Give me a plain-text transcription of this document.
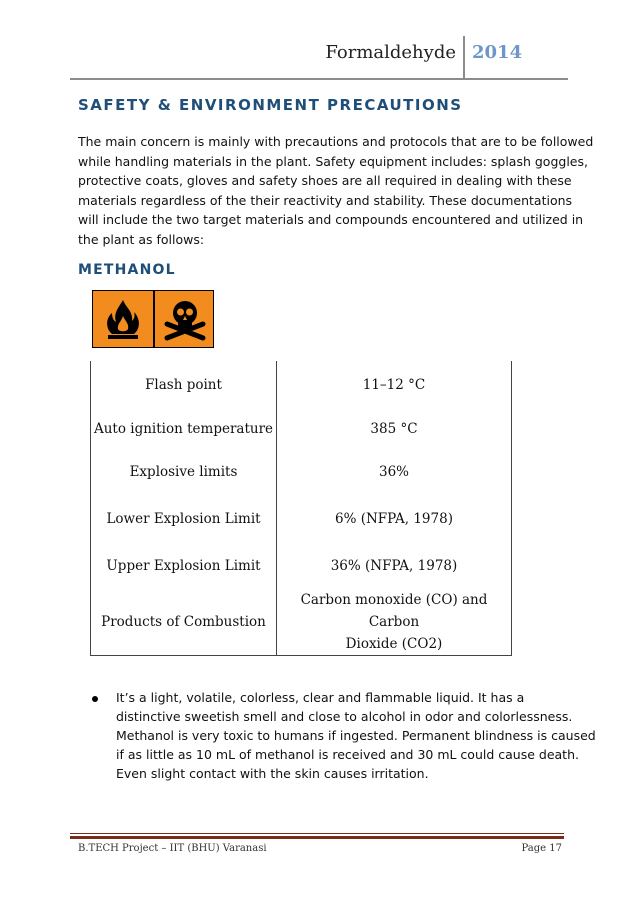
Formaldehyde 2014
SAFETY & ENVIRONMENT PRECAUTIONS
The main concern is mainly with precautions and protocols that are to be followed
while handling materials in the plant. Safety equipment includes: splash goggles,
protective coats, gloves and safety shoes are all required in dealing with these
materials regardless of the their reactivity and stability. These documentations
will include the two target materials and compounds encountered and utilized in
the plant as follows:
METHANOL
Flash point	11–12 °C
Auto ignition temperature	385 °C
Explosive limits	36%
Lower Explosion Limit	6% (NFPA, 1978)
Upper Explosion Limit	36% (NFPA, 1978)
Products of Combustion	Carbon monoxide (CO) and Carbon
Dioxide (CO2)
It’s a light, volatile, colorless, clear and flammable liquid. It has a
distinctive sweetish smell and close to alcohol in odor and colorlessness.
Methanol is very toxic to humans if ingested. Permanent blindness is caused
if as little as 10 mL of methanol is received and 30 mL could cause death.
Even slight contact with the skin causes irritation.
B.TECH Project – IIT (BHU) Varanasi	Page 17
